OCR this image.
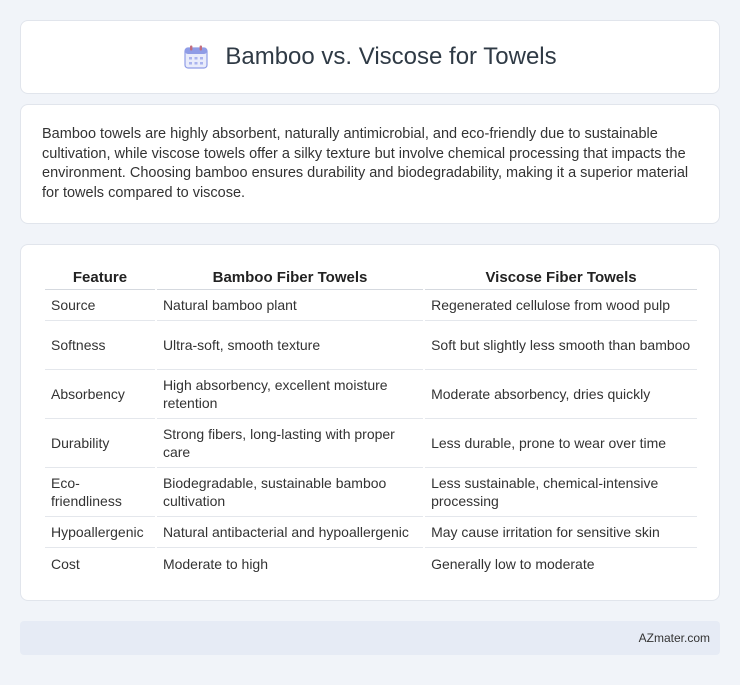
Bamboo vs. Viscose for Towels

Bamboo towels are highly absorbent, naturally antimicrobial, and eco-friendly due to sustainable cultivation, while viscose towels offer a silky texture but involve chemical processing that impacts the environment. Choosing bamboo ensures durability and biodegradability, making it a superior material for towels compared to viscose.

Feature	Bamboo Fiber Towels	Viscose Fiber Towels
Source	Natural bamboo plant	Regenerated cellulose from wood pulp
Softness	Ultra-soft, smooth texture	Soft but slightly less smooth than bamboo
Absorbency	High absorbency, excellent moisture retention	Moderate absorbency, dries quickly
Durability	Strong fibers, long-lasting with proper care	Less durable, prone to wear over time
Eco-friendliness	Biodegradable, sustainable bamboo cultivation	Less sustainable, chemical-intensive processing
Hypoallergenic	Natural antibacterial and hypoallergenic	May cause irritation for sensitive skin
Cost	Moderate to high	Generally low to moderate
AZmater.com
